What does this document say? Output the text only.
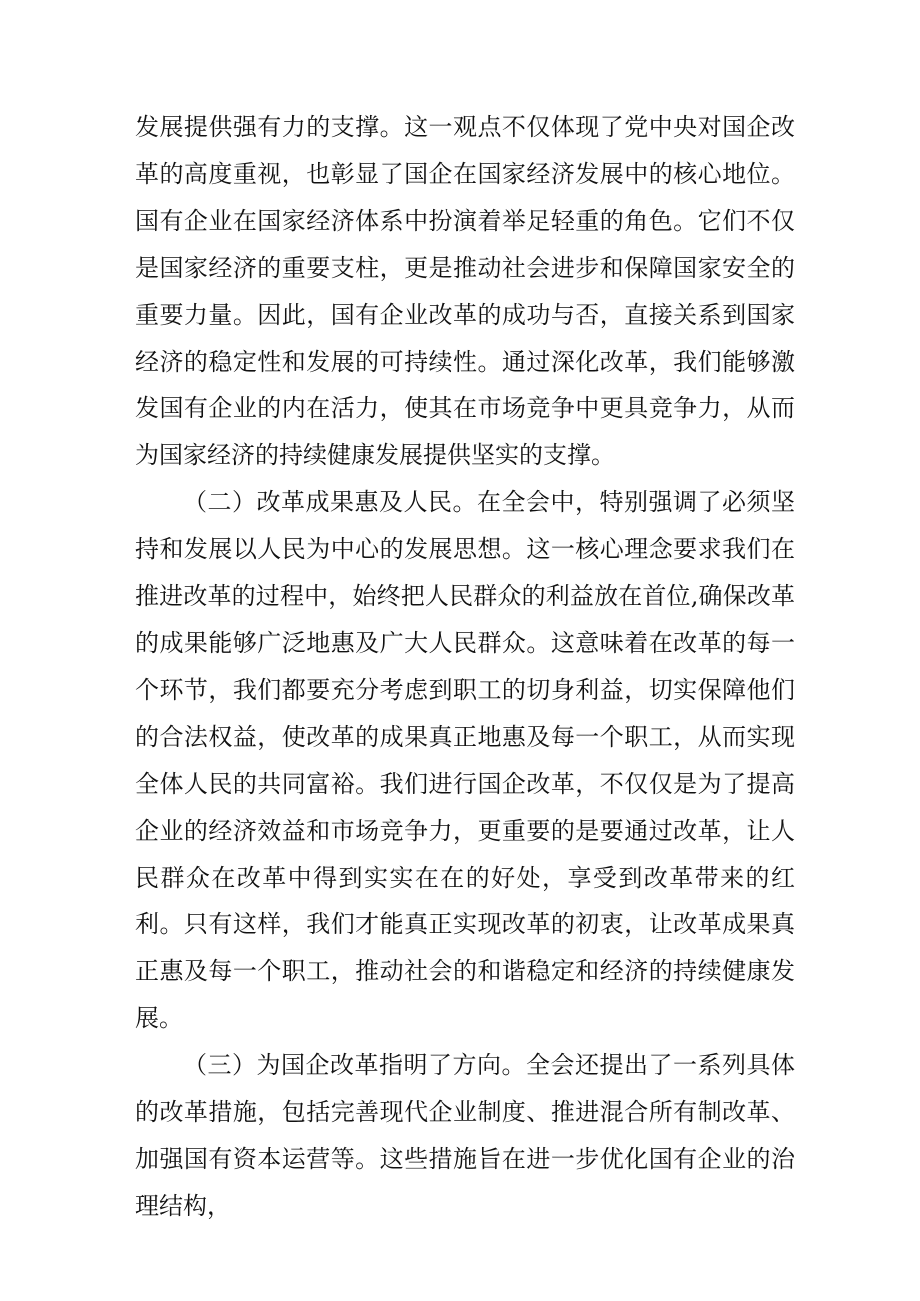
发展提供强有力的支撑。这一观点不仅体现了党中央对国企改革的高度重视，也彰显了国企在国家经济发展中的核心地位。国有企业在国家经济体系中扮演着举足轻重的角色。它们不仅是国家经济的重要支柱，更是推动社会进步和保障国家安全的重要力量。因此，国有企业改革的成功与否，直接关系到国家经济的稳定性和发展的可持续性。通过深化改革，我们能够激发国有企业的内在活力，使其在市场竞争中更具竞争力，从而为国家经济的持续健康发展提供坚实的支撑。

（二）改革成果惠及人民。在全会中，特别强调了必须坚持和发展以人民为中心的发展思想。这一核心理念要求我们在推进改革的过程中，始终把人民群众的利益放在首位,确保改革的成果能够广泛地惠及广大人民群众。这意味着在改革的每一个环节，我们都要充分考虑到职工的切身利益，切实保障他们的合法权益，使改革的成果真正地惠及每一个职工，从而实现全体人民的共同富裕。我们进行国企改革，不仅仅是为了提高企业的经济效益和市场竞争力，更重要的是要通过改革，让人民群众在改革中得到实实在在的好处，享受到改革带来的红利。只有这样，我们才能真正实现改革的初衷，让改革成果真正惠及每一个职工，推动社会的和谐稳定和经济的持续健康发展。

（三）为国企改革指明了方向。全会还提出了一系列具体的改革措施，包括完善现代企业制度、推进混合所有制改革、加强国有资本运营等。这些措施旨在进一步优化国有企业的治理结构，
